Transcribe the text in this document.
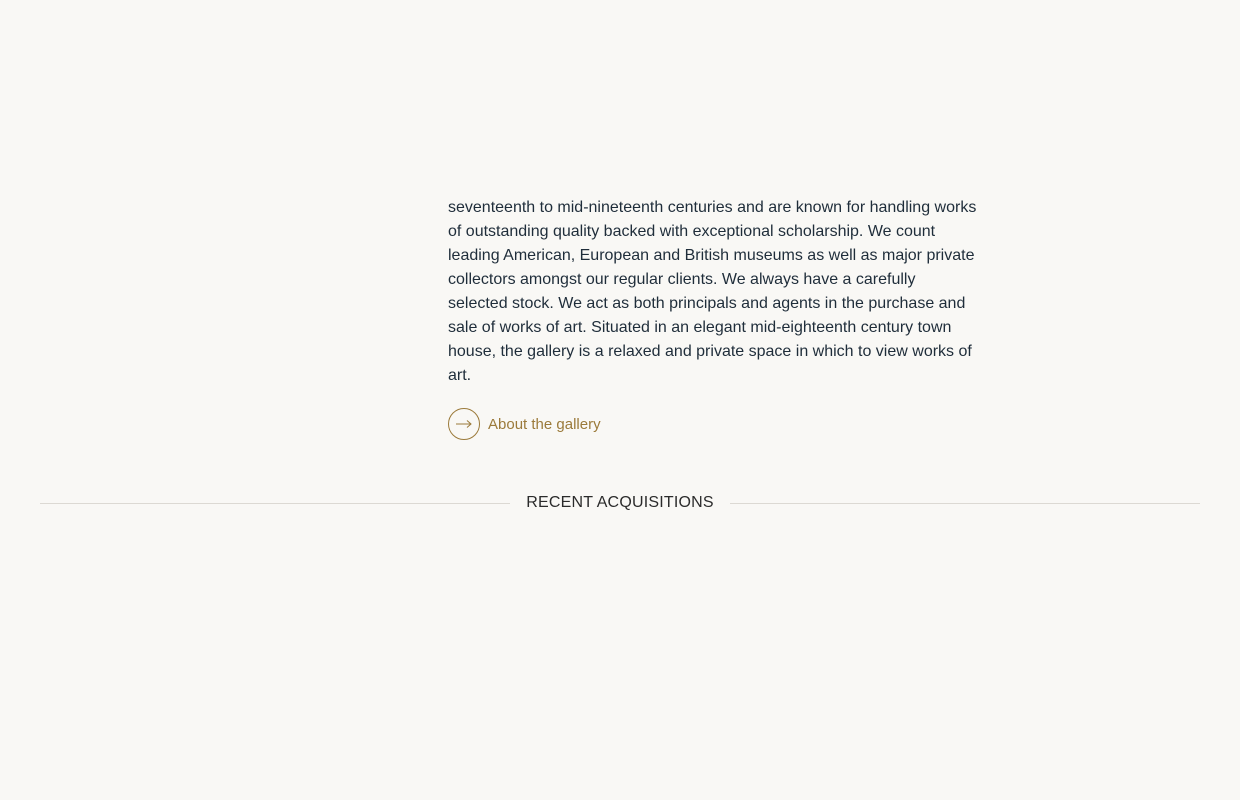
seventeenth to mid-nineteenth centuries and are known for handling works of outstanding quality backed with exceptional scholarship. We count leading American, European and British museums as well as major private collectors amongst our regular clients. We always have a carefully selected stock. We act as both principals and agents in the purchase and sale of works of art. Situated in an elegant mid-eighteenth century town house, the gallery is a relaxed and private space in which to view works of art.

About the gallery
RECENT ACQUISITIONS
